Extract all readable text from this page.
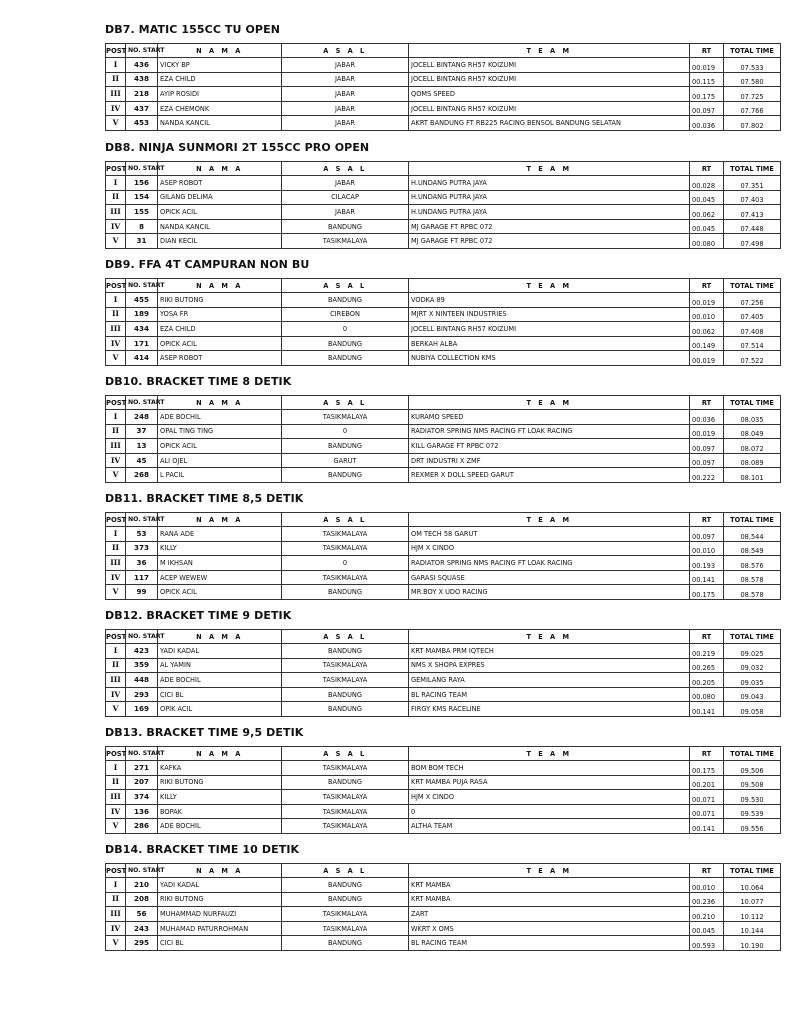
DB7. MATIC 155CC TU OPEN
POST	NO. START	N A M A	A S A L	T E A M	RT	TOTAL TIME
I	436	VICKY BP	JABAR	JOCELL BINTANG RH57 KOIZUMI	00.019	07.533
II	438	EZA CHILD	JABAR	JOCELL BINTANG RH57 KOIZUMI	00.115	07.580
III	218	AYIP ROSIDI	JABAR	QOMS SPEED	00.175	07.725
IV	437	EZA CHEMONK	JABAR	JOCELL BINTANG RH57 KOIZUMI	00.097	07.766
V	453	NANDA KANCIL	JABAR	AKRT BANDUNG FT RB225 RACING BENSOL BANDUNG SELATAN	00.036	07.802
DB8. NINJA SUNMORI 2T 155CC PRO OPEN
POST	NO. START	N A M A	A S A L	T E A M	RT	TOTAL TIME
I	156	ASEP ROBOT	JABAR	H.UNDANG PUTRA JAYA	00.028	07.351
II	154	GILANG DELIMA	CILACAP	H.UNDANG PUTRA JAYA	00.045	07.403
III	155	OPICK ACIL	JABAR	H.UNDANG PUTRA JAYA	00.062	07.413
IV	8	NANDA KANCIL	BANDUNG	MJ GARAGE FT RPBC 072	00.045	07.448
V	31	DIAN KECIL	TASIKMALAYA	MJ GARAGE FT RPBC 072	00.080	07.498
DB9. FFA 4T CAMPURAN NON BU
POST	NO. START	N A M A	A S A L	T E A M	RT	TOTAL TIME
I	455	RIKI BUTONG	BANDUNG	VODKA 89	00.019	07.256
II	189	YOSA FR	CIREBON	MJRT X NINTEEN INDUSTRIES	00.010	07.405
III	434	EZA CHILD	0	JOCELL BINTANG RH57 KOIZUMI	00.062	07.408
IV	171	OPICK ACIL	BANDUNG	BERKAH ALBA	00.149	07.514
V	414	ASEP ROBOT	BANDUNG	NUBIYA COLLECTION KMS	00.019	07.522
DB10. BRACKET TIME 8 DETIK
POST	NO. START	N A M A	A S A L	T E A M	RT	TOTAL TIME
I	248	ADE BOCHIL	TASIKMALAYA	KURAMO SPEED	00.036	08.035
II	37	OPAL TING TING	0	RADIATOR SPRING NMS RACING FT LOAK RACING	00.019	08.049
III	13	OPICK ACIL	BANDUNG	KILL GARAGE FT RPBC 072	00.097	08.072
IV	45	ALI OJEL	GARUT	DRT INDUSTRI X ZMF	00.097	08.089
V	268	L PACIL	BANDUNG	REXMER X DOLL SPEED GARUT	00.222	08.101
DB11. BRACKET TIME 8,5 DETIK
POST	NO. START	N A M A	A S A L	T E A M	RT	TOTAL TIME
I	53	RANA ADE	TASIKMALAYA	OM TECH 58 GARUT	00.097	08.544
II	373	KILLY	TASIKMALAYA	HJM X CINDO	00.010	08.549
III	36	M IKHSAN	0	RADIATOR SPRING NMS RACING FT LOAK RACING	00.193	08.576
IV	117	ACEP WEWEW	TASIKMALAYA	GARASI SQUASE	00.141	08.578
V	99	OPICK ACIL	BANDUNG	MR.BOY X UDO RACING	00.175	08.578
DB12. BRACKET TIME 9 DETIK
POST	NO. START	N A M A	A S A L	T E A M	RT	TOTAL TIME
I	423	YADI KADAL	BANDUNG	KRT MAMBA PRM IQTECH	00.219	09.025
II	359	AL YAMIN	TASIKMALAYA	NMS X SHOPA EXPRES	00.265	09.032
III	448	ADE BOCHIL	TASIKMALAYA	GEMILANG RAYA	00.205	09.035
IV	293	CICI BL	BANDUNG	BL RACING TEAM	00.080	09.043
V	169	OPIK ACIL	BANDUNG	FIRGY KMS RACELINE	00.141	09.058
DB13. BRACKET TIME 9,5 DETIK
POST	NO. START	N A M A	A S A L	T E A M	RT	TOTAL TIME
I	271	KAFKA	TASIKMALAYA	BOM BOM TECH	00.175	09.506
II	207	RIKI BUTONG	BANDUNG	KRT MAMBA PUJA RASA	00.201	09.508
III	374	KILLY	TASIKMALAYA	HJM X CINDO	00.071	09.530
IV	136	BOPAK	TASIKMALAYA	0	00.071	09.539
V	286	ADE BOCHIL	TASIKMALAYA	ALTHA TEAM	00.141	09.556
DB14. BRACKET TIME 10 DETIK
POST	NO. START	N A M A	A S A L	T E A M	RT	TOTAL TIME
I	210	YADI KADAL	BANDUNG	KRT MAMBA	00.010	10.064
II	208	RIKI BUTONG	BANDUNG	KRT MAMBA	00.236	10.077
III	56	MUHAMMAD NURFAUZI	TASIKMALAYA	ZART	00.210	10.112
IV	243	MUHAMAD PATURROHMAN	TASIKMALAYA	WKRT X OMS	00.045	10.144
V	295	CICI BL	BANDUNG	BL RACING TEAM	00.593	10.190
